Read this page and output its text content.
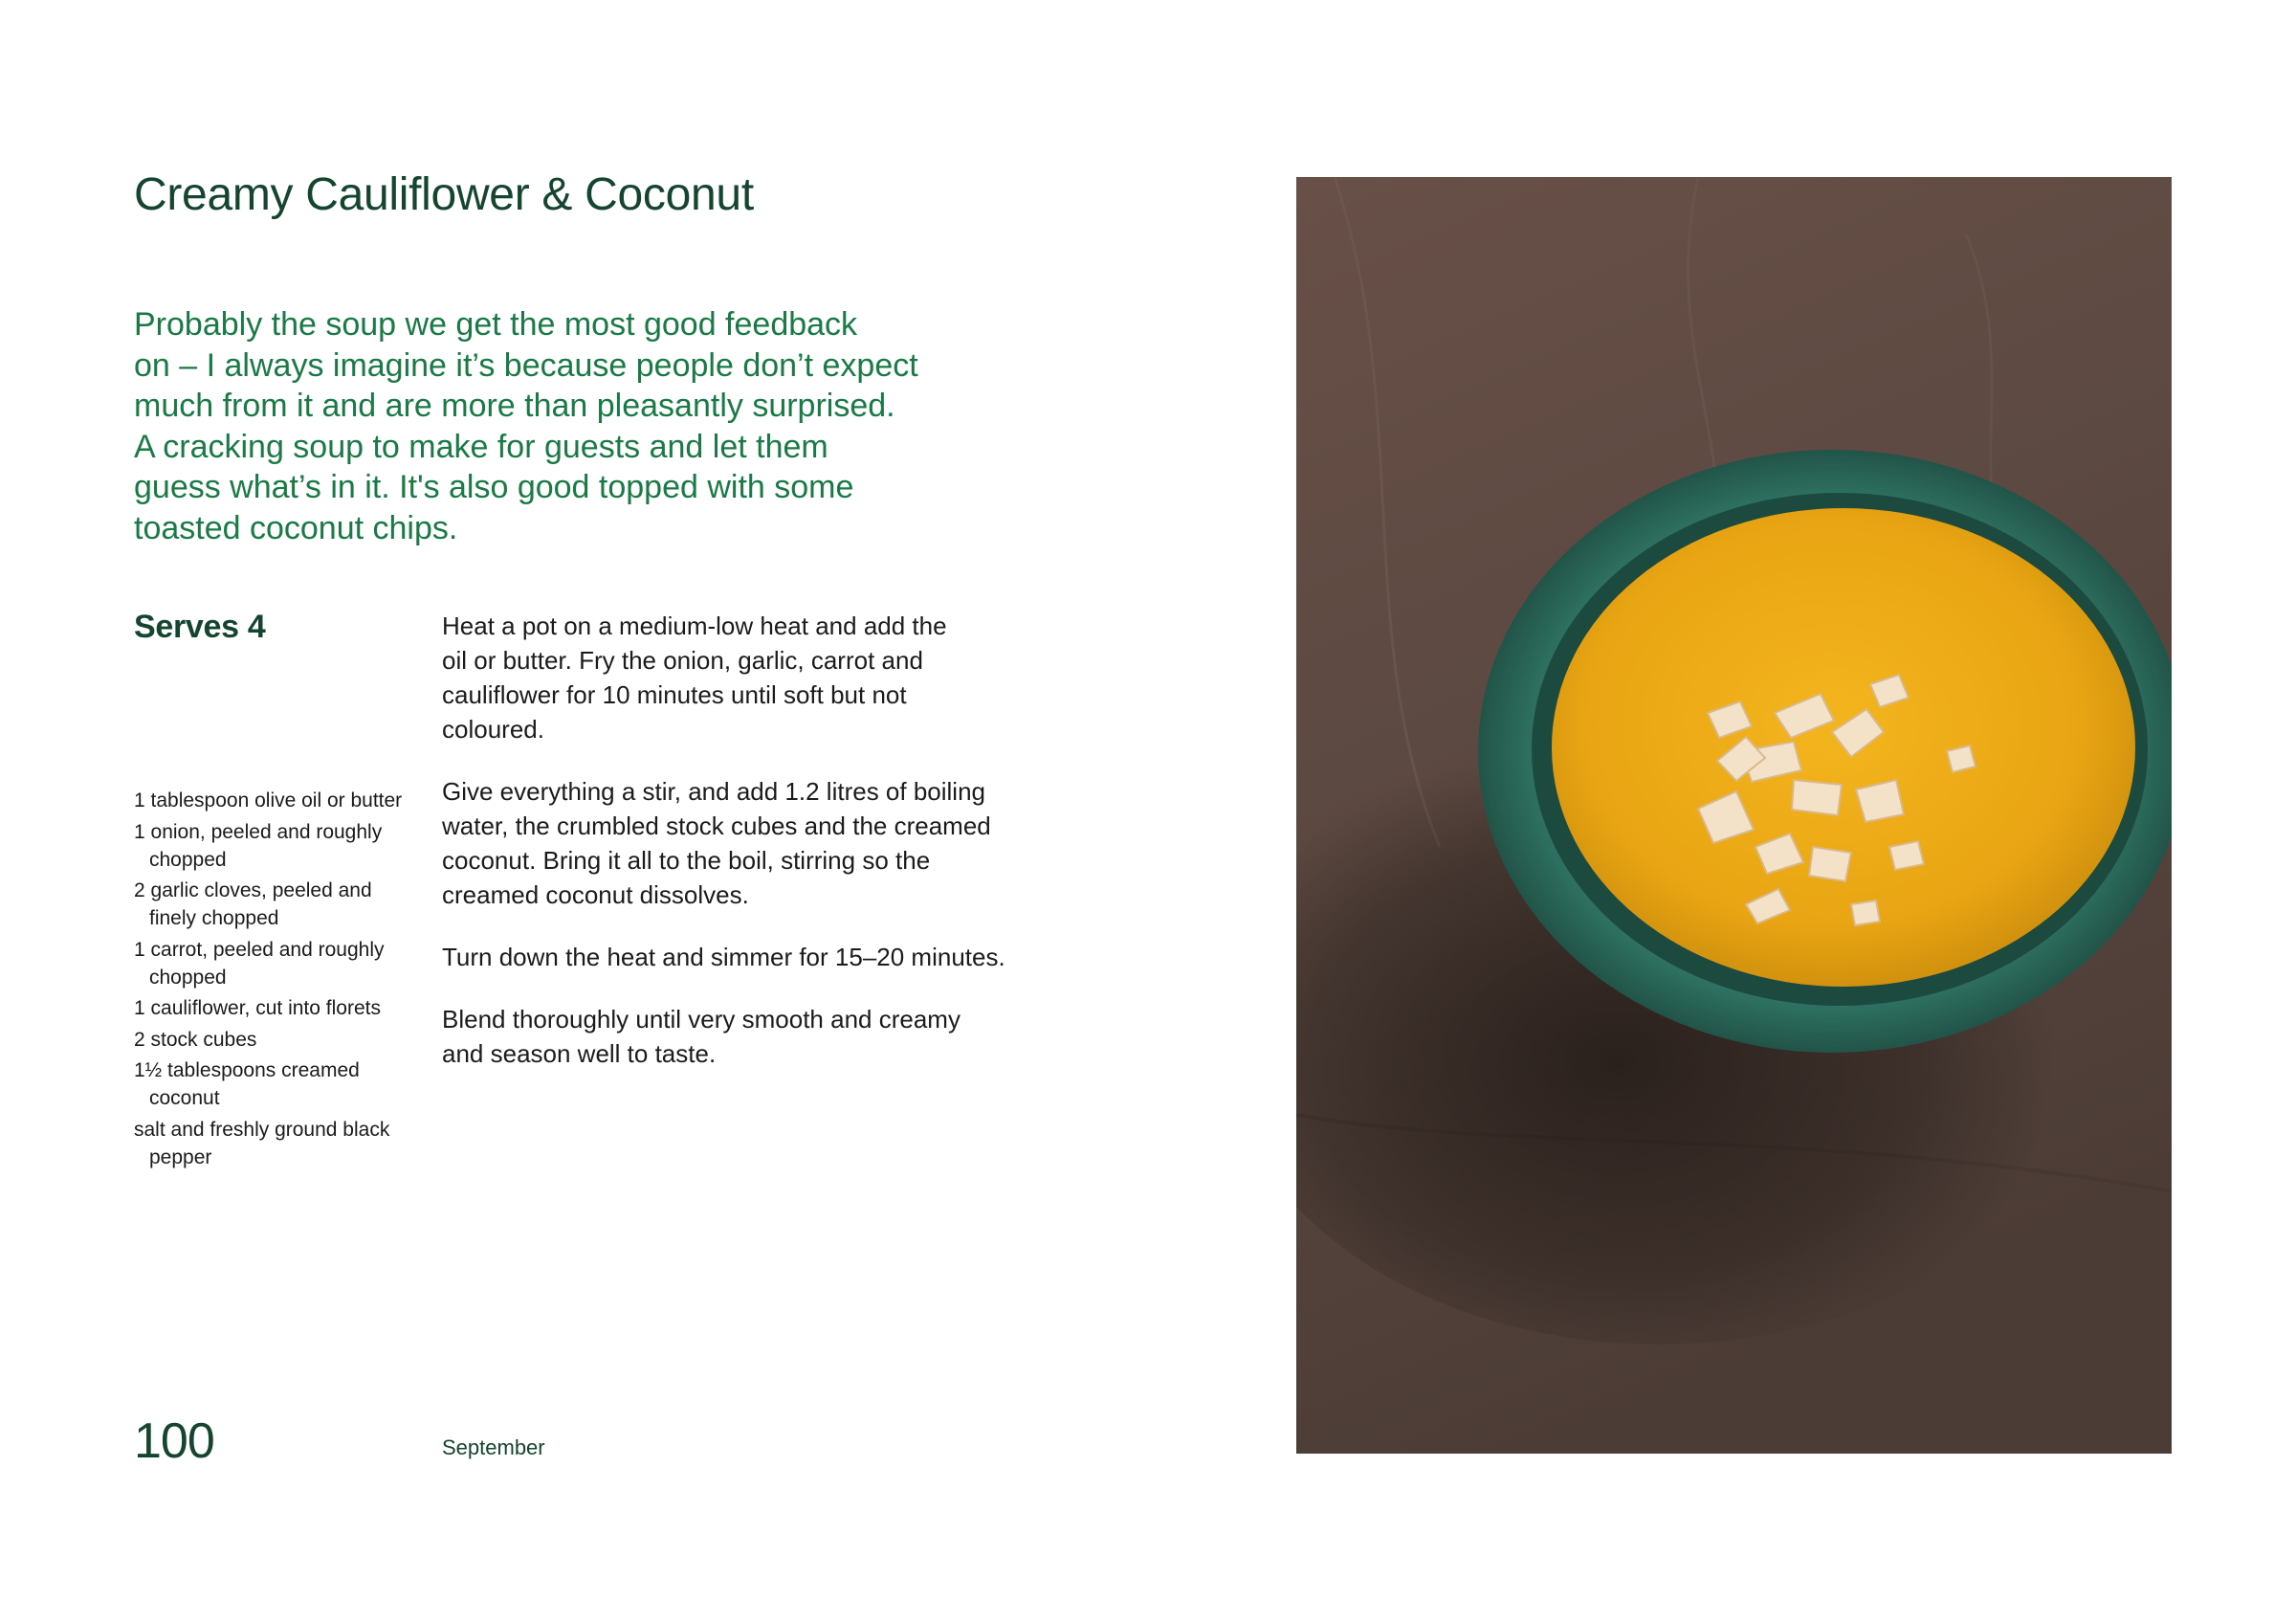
Creamy Cauliflower & Coconut
Probably the soup we get the most good feedback
on – I always imagine it’s because people don’t expect
much from it and are more than pleasantly surprised.
A cracking soup to make for guests and let them
guess what’s in it. It's also good topped with some
toasted coconut chips.
Serves 4
1 tablespoon olive oil or butter
1 onion, peeled and roughly chopped
2 garlic cloves, peeled and finely chopped
1 carrot, peeled and roughly chopped
1 cauliflower, cut into florets
2 stock cubes
1½ tablespoons creamed coconut
salt and freshly ground black pepper

Heat a pot on a medium-low heat and add the
oil or butter. Fry the onion, garlic, carrot and
cauliflower for 10 minutes until soft but not
coloured.

Give everything a stir, and add 1.2 litres of boiling
water, the crumbled stock cubes and the creamed
coconut. Bring it all to the boil, stirring so the
creamed coconut dissolves.

Turn down the heat and simmer for 15–20 minutes.

Blend thoroughly until very smooth and creamy
and season well to taste.

100	September
